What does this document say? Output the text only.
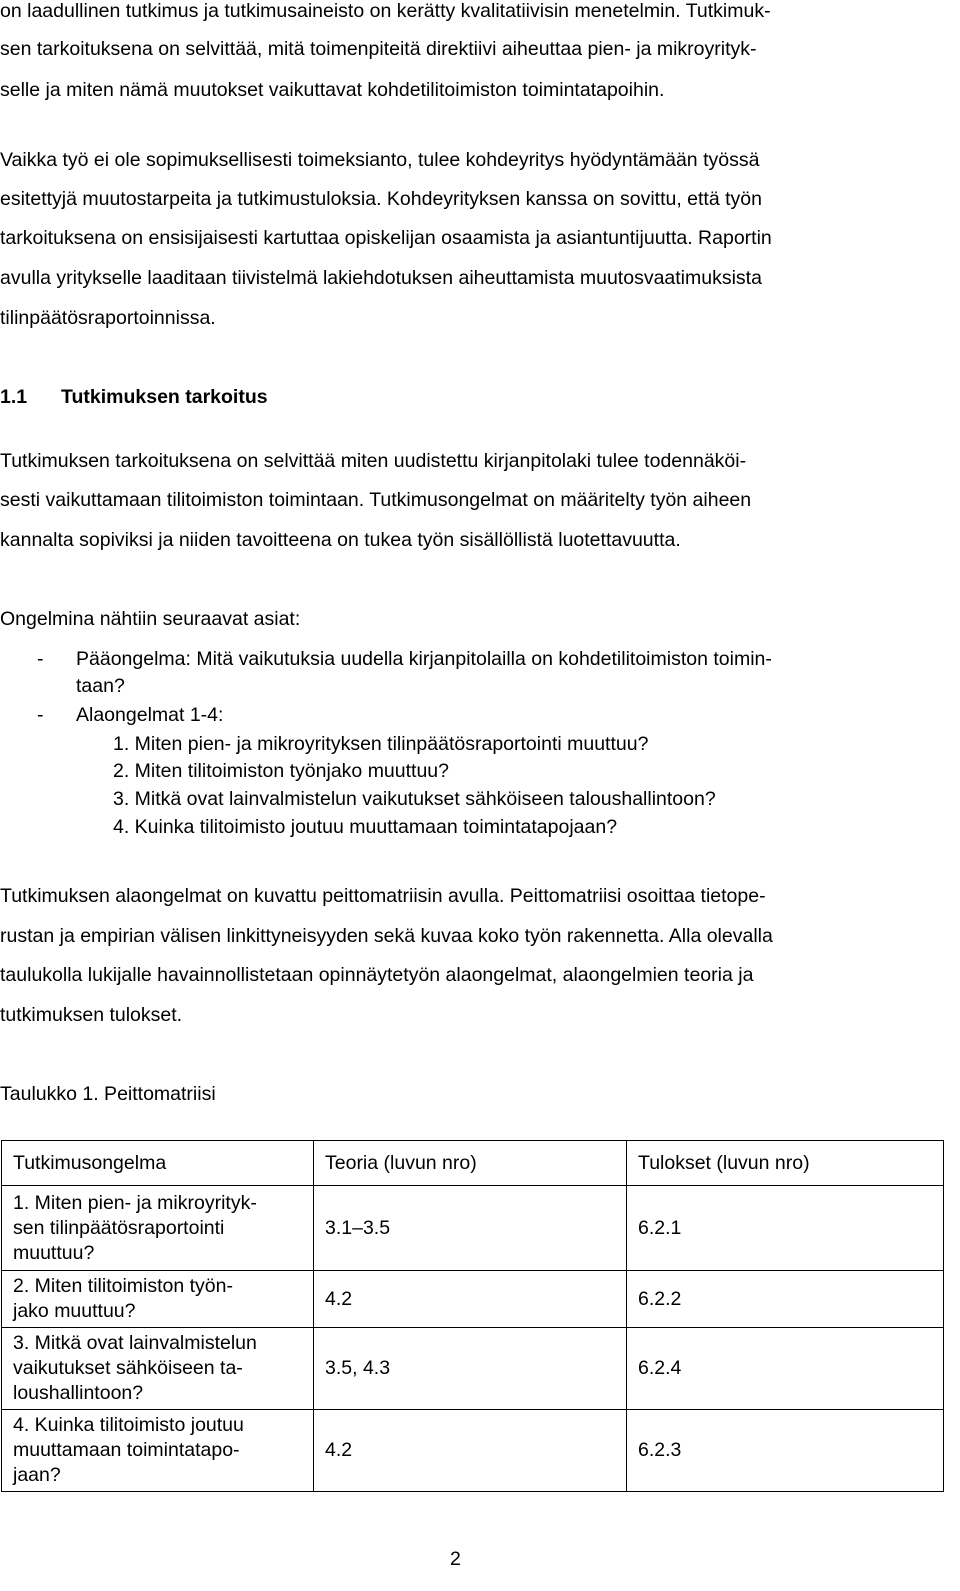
on laadullinen tutkimus ja tutkimusaineisto on kerätty kvalitatiivisin menetelmin. Tutkimuk-
sen tarkoituksena on selvittää, mitä toimenpiteitä direktiivi aiheuttaa pien- ja mikroyrityk-
selle ja miten nämä muutokset vaikuttavat kohdetilitoimiston toimintatapoihin.
Vaikka työ ei ole sopimuksellisesti toimeksianto, tulee kohdeyritys hyödyntämään työssä
esitettyjä muutostarpeita ja tutkimustuloksia. Kohdeyrityksen kanssa on sovittu, että työn
tarkoituksena on ensisijaisesti kartuttaa opiskelijan osaamista ja asiantuntijuutta. Raportin
avulla yritykselle laaditaan tiivistelmä lakiehdotuksen aiheuttamista muutosvaatimuksista
tilinpäätösraportoinnissa.
1.1 Tutkimuksen tarkoitus
Tutkimuksen tarkoituksena on selvittää miten uudistettu kirjanpitolaki tulee todennäköi-
sesti vaikuttamaan tilitoimiston toimintaan. Tutkimusongelmat on määritelty työn aiheen
kannalta sopiviksi ja niiden tavoitteena on tukea työn sisällöllistä luotettavuutta.
Ongelmina nähtiin seuraavat asiat:
- Pääongelma: Mitä vaikutuksia uudella kirjanpitolailla on kohdetilitoimiston toimin-
taan?
- Alaongelmat 1-4:
1. Miten pien- ja mikroyrityksen tilinpäätösraportointi muuttuu?
2. Miten tilitoimiston työnjako muuttuu?
3. Mitkä ovat lainvalmistelun vaikutukset sähköiseen taloushallintoon?
4. Kuinka tilitoimisto joutuu muuttamaan toimintatapojaan?
Tutkimuksen alaongelmat on kuvattu peittomatriisin avulla. Peittomatriisi osoittaa tietope-
rustan ja empirian välisen linkittyneisyyden sekä kuvaa koko työn rakennetta. Alla olevalla
taulukolla lukijalle havainnollistetaan opinnäytetyön alaongelmat, alaongelmien teoria ja
tutkimuksen tulokset.
Taulukko 1. Peittomatriisi
Tutkimusongelma	Teoria (luvun nro)	Tulokset (luvun nro)

1. Miten pien- ja mikroyrityk-
sen tilinpäätösraportointi
muuttuu?	3.1–3.5	6.2.1

2. Miten tilitoimiston työn-
jako muuttuu?	4.2	6.2.2

3. Mitkä ovat lainvalmistelun
vaikutukset sähköiseen ta-
loushallintoon?	3.5, 4.3	6.2.4

4. Kuinka tilitoimisto joutuu
muuttamaan toimintatapo-
jaan?	4.2	6.2.3
2
